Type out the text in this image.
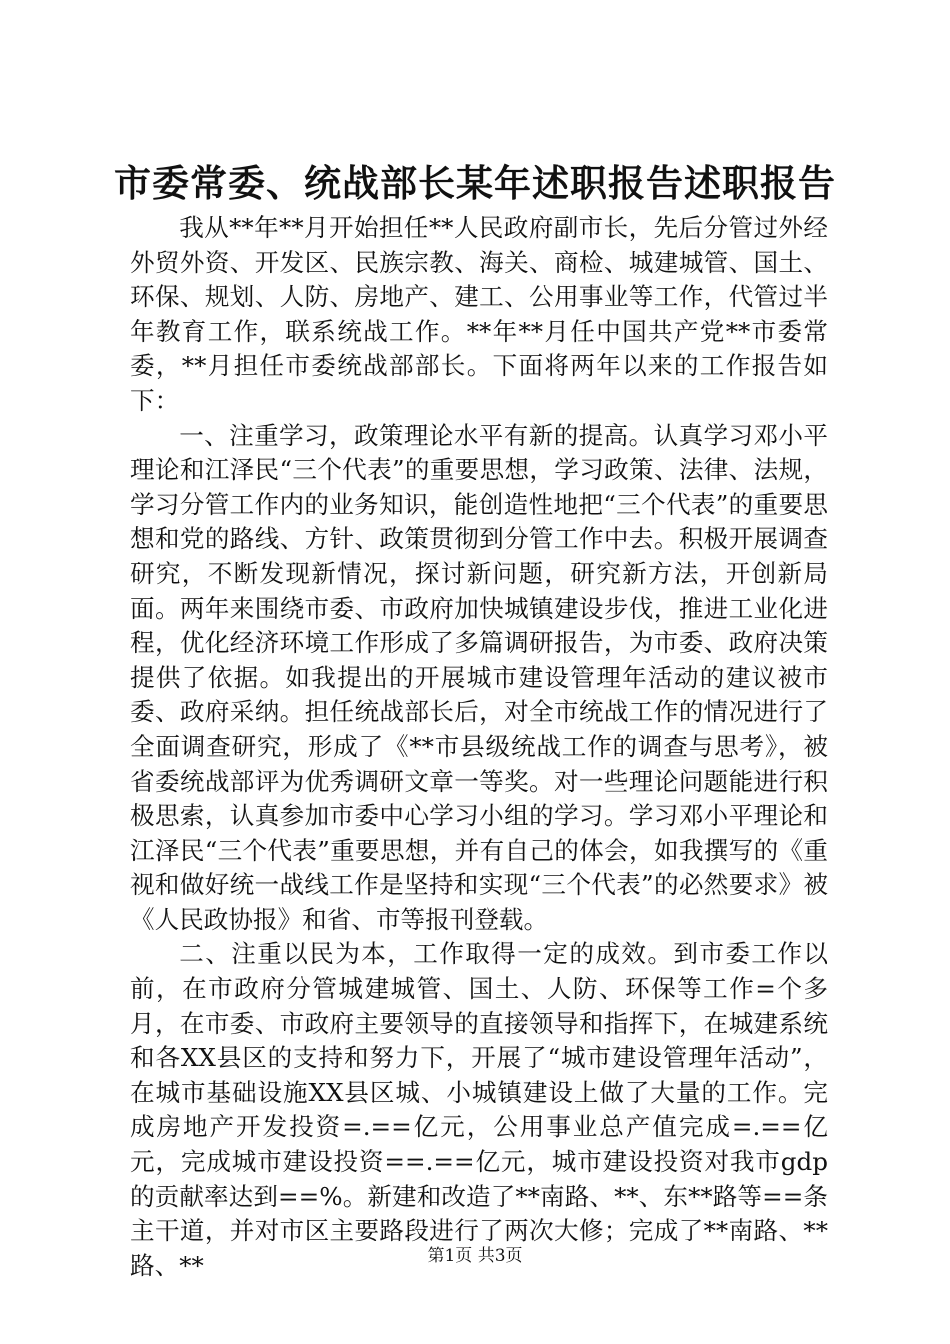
市委常委、统战部长某年述职报告述职报告

我从**年**月开始担任**人民政府副市长，先后分管过外经外贸外资、开发区、民族宗教、海关、商检、城建城管、国土、环保、规划、人防、房地产、建工、公用事业等工作，代管过半年教育工作，联系统战工作。**年**月任中国共产党**市委常委，**月担任市委统战部部长。下面将两年以来的工作报告如下：

一、注重学习，政策理论水平有新的提高。认真学习邓小平理论和江泽民“三个代表”的重要思想，学习政策、法律、法规，学习分管工作内的业务知识，能创造性地把“三个代表”的重要思想和党的路线、方针、政策贯彻到分管工作中去。积极开展调查研究，不断发现新情况，探讨新问题，研究新方法，开创新局面。两年来围绕市委、市政府加快城镇建设步伐，推进工业化进程，优化经济环境工作形成了多篇调研报告，为市委、政府决策提供了依据。如我提出的开展城市建设管理年活动的建议被市委、政府采纳。担任统战部长后，对全市统战工作的情况进行了全面调查研究，形成了《**市县级统战工作的调查与思考》，被省委统战部评为优秀调研文章一等奖。对一些理论问题能进行积极思索，认真参加市委中心学习小组的学习。学习邓小平理论和江泽民“三个代表”重要思想，并有自己的体会，如我撰写的《重视和做好统一战线工作是坚持和实现“三个代表”的必然要求》被《人民政协报》和省、市等报刊登载。

二、注重以民为本，工作取得一定的成效。到市委工作以前，在市政府分管城建城管、国土、人防、环保等工作=个多月，在市委、市政府主要领导的直接领导和指挥下，在城建系统和各XX县区的支持和努力下，开展了“城市建设管理年活动”，在城市基础设施XX县区城、小城镇建设上做了大量的工作。完成房地产开发投资=.==亿元，公用事业总产值完成=.==亿元，完成城市建设投资==.==亿元，城市建设投资对我市gdp的贡献率达到==%。新建和改造了**南路、**、东**路等==条主干道，并对市区主要路段进行了两次大修；完成了**南路、**路、**	第1页 共3页
